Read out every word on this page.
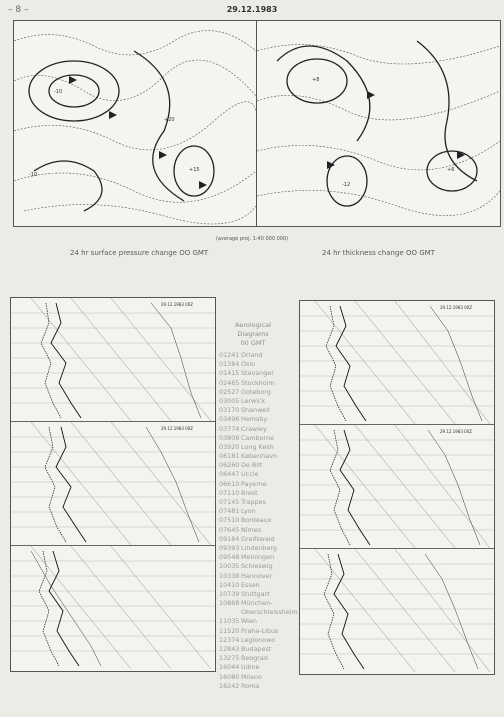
– 8 –	29.12.1983
-10
+20
-10
+15
+8
-12
+6
(average proj. 1:40 000 000)
24 hr surface pressure change OO GMT	24 hr thickness change OO GMT
29.12.1983 00Z
29.12.1983 00Z
Aerological
Diagrams
00 GMT
01241 Orland
01384 Oslo
01415 Stavanger
02465 Stockholm
02527 Goteborg
03005 Lerwick
03170 Shanwell
03496 Hemsby
03774 Crawley
03808 Camborne
03920 Long Kesh
06181 København
06260 De Bilt
06447 Uccle
06610 Payerne
07110 Brest
07145 Trappes
07481 Lyon
07510 Bordeaux
07645 Nîmes
09184 Greifswald
09393 Lindenberg
09548 Meiningen
10035 Schleswig
10338 Hannover
10410 Essen
10739 Stuttgart
10868 München-
Oberschleissheim
11035 Wien
11520 Praha-Libus
12374 Legionowo
12843 Budapest
13275 Beograd
16044 Udine
16080 Milano
16242 Roma
29.12.1983 00Z
29.12.1983 00Z
